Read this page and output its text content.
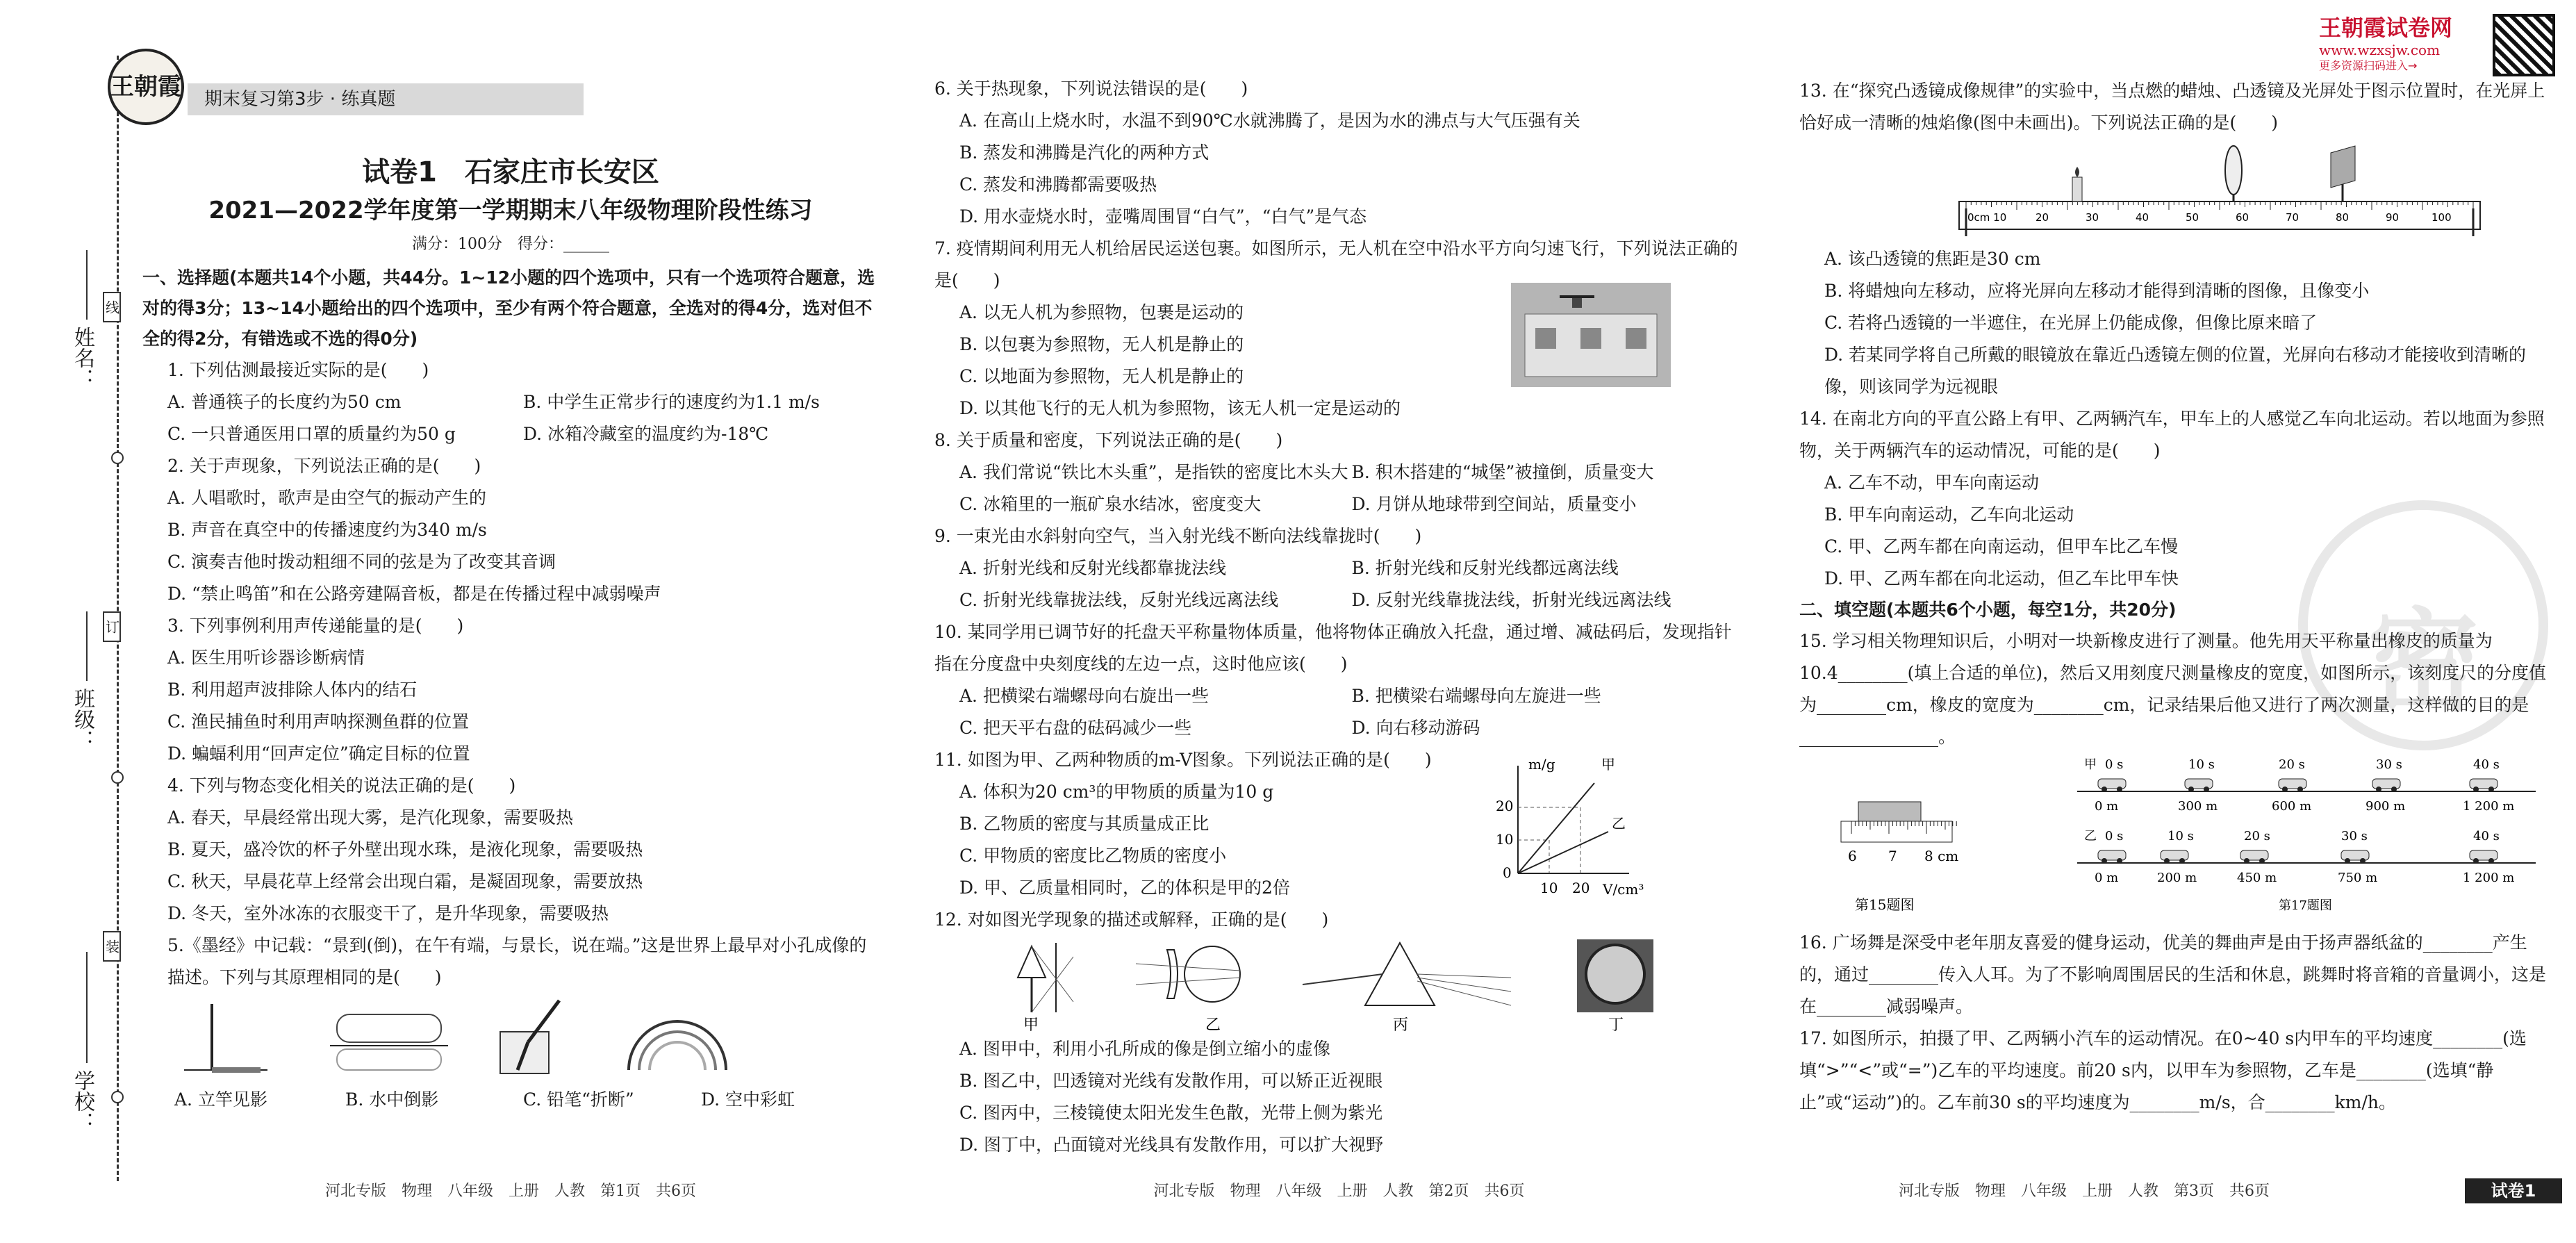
姓名：
班级：
学校：
线
订
装
王朝霞	期末复习第3步 · 练真题
试卷1　石家庄市长安区
2021—2022学年度第一学期期末八年级物理阶段性练习
满分：100分　得分：______
一、选择题(本题共14个小题，共44分。1~12小题的四个选项中，只有一个选项符合题意，选对的得3分；13~14小题给出的四个选项中，至少有两个符合题意，全选对的得4分，选对但不全的得2分，有错选或不选的得0分)
1. 下列估测最接近实际的是(　　)
A. 普通筷子的长度约为50 cm	B. 中学生正常步行的速度约为1.1 m/s
C. 一只普通医用口罩的质量约为50 g	D. 冰箱冷藏室的温度约为-18℃
2. 关于声现象，下列说法正确的是(　　)
A. 人唱歌时，歌声是由空气的振动产生的
B. 声音在真空中的传播速度约为340 m/s
C. 演奏吉他时拨动粗细不同的弦是为了改变其音调
D. “禁止鸣笛”和在公路旁建隔音板，都是在传播过程中减弱噪声
3. 下列事例利用声传递能量的是(　　)
A. 医生用听诊器诊断病情
B. 利用超声波排除人体内的结石
C. 渔民捕鱼时利用声呐探测鱼群的位置
D. 蝙蝠利用“回声定位”确定目标的位置
4. 下列与物态变化相关的说法正确的是(　　)
A. 春天，早晨经常出现大雾，是汽化现象，需要吸热
B. 夏天，盛冷饮的杯子外壁出现水珠，是液化现象，需要吸热
C. 秋天，早晨花草上经常会出现白霜，是凝固现象，需要放热
D. 冬天，室外冰冻的衣服变干了，是升华现象，需要吸热
5.《墨经》中记载：“景到(倒)，在午有端，与景长，说在端。”这是世界上最早对小孔成像的描述。下列与其原理相同的是(　　)
A. 立竿见影	B. 水中倒影	C. 铅笔“折断”	D. 空中彩虹
6. 关于热现象，下列说法错误的是(　　)
A. 在高山上烧水时，水温不到90℃水就沸腾了，是因为水的沸点与大气压强有关
B. 蒸发和沸腾是汽化的两种方式
C. 蒸发和沸腾都需要吸热
D. 用水壶烧水时，壶嘴周围冒“白气”，“白气”是气态
7. 疫情期间利用无人机给居民运送包裹。如图所示，无人机在空中沿水平方向匀速飞行，下列说法正确的是(　　)
A. 以无人机为参照物，包裹是运动的
B. 以包裹为参照物，无人机是静止的
C. 以地面为参照物，无人机是静止的
D. 以其他飞行的无人机为参照物，该无人机一定是运动的
8. 关于质量和密度，下列说法正确的是(　　)
A. 我们常说“铁比木头重”，是指铁的密度比木头大 B. 积木搭建的“城堡”被撞倒，质量变大
C. 冰箱里的一瓶矿泉水结冰，密度变大	D. 月饼从地球带到空间站，质量变小
9. 一束光由水斜射向空气，当入射光线不断向法线靠拢时(　　)
A. 折射光线和反射光线都靠拢法线	B. 折射光线和反射光线都远离法线
C. 折射光线靠拢法线，反射光线远离法线	D. 反射光线靠拢法线，折射光线远离法线
10. 某同学用已调节好的托盘天平称量物体质量，他将物体正确放入托盘，通过增、减砝码后，发现指针指在分度盘中央刻度线的左边一点，这时他应该(　　)
A. 把横梁右端螺母向右旋出一些	B. 把横梁右端螺母向左旋进一些
C. 把天平右盘的砝码减少一些	D. 向右移动游码
11. 如图为甲、乙两种物质的m-V图象。下列说法正确的是(　　)
A. 体积为20 cm³的甲物质的质量为10 g
B. 乙物质的密度与其质量成正比
C. 甲物质的密度比乙物质的密度小
D. 甲、乙质量相同时，乙的体积是甲的2倍
m/g
V/cm³
20
10
0
10 20
甲
乙
12. 对如图光学现象的描述或解释，正确的是(　　)
甲	乙	丙	丁
A. 图甲中，利用小孔所成的像是倒立缩小的虚像
B. 图乙中，凹透镜对光线有发散作用，可以矫正近视眼
C. 图丙中，三棱镜使太阳光发生色散，光带上侧为紫光
D. 图丁中，凸面镜对光线具有发散作用，可以扩大视野
王朝霞试卷网
www.wzxsjw.com
更多资源扫码进入→
密
13. 在“探究凸透镜成像规律”的实验中，当点燃的蜡烛、凸透镜及光屏处于图示位置时，在光屏上恰好成一清晰的烛焰像(图中未画出)。下列说法正确的是(　　)
0cm 10	20	30	40	50	60	70	80	90	100
A. 该凸透镜的焦距是30 cm
B. 将蜡烛向左移动，应将光屏向左移动才能得到清晰的图像，且像变小
C. 若将凸透镜的一半遮住，在光屏上仍能成像，但像比原来暗了
D. 若某同学将自己所戴的眼镜放在靠近凸透镜左侧的位置，光屏向右移动才能接收到清晰的像，则该同学为远视眼
14. 在南北方向的平直公路上有甲、乙两辆汽车，甲车上的人感觉乙车向北运动。若以地面为参照物，关于两辆汽车的运动情况，可能的是(　　)
A. 乙车不动，甲车向南运动
B. 甲车向南运动，乙车向北运动
C. 甲、乙两车都在向南运动，但甲车比乙车慢
D. 甲、乙两车都在向北运动，但乙车比甲车快
二、填空题(本题共6个小题，每空1分，共20分)
15. 学习相关物理知识后，小明对一块新橡皮进行了测量。他先用天平称量出橡皮的质量为10.4________(填上合适的单位)，然后又用刻度尺测量橡皮的宽度，如图所示，该刻度尺的分度值为________cm，橡皮的宽度为________cm，记录结果后他又进行了两次测量，这样做的目的是________________。
6 7 8 cm
第15题图
甲 0 s	10 s	20 s	30 s	40 s
0 m	300 m	600 m	900 m	1 200 m
乙 0 s	10 s	20 s	30 s	40 s
0 m	200 m	450 m	750 m	1 200 m
第17题图
16. 广场舞是深受中老年朋友喜爱的健身运动，优美的舞曲声是由于扬声器纸盆的________产生的，通过________传入人耳。为了不影响周围居民的生活和休息，跳舞时将音箱的音量调小，这是在________减弱噪声。
17. 如图所示，拍摄了甲、乙两辆小汽车的运动情况。在0~40 s内甲车的平均速度________(选填“>”“<”或“=”)乙车的平均速度。前20 s内，以甲车为参照物，乙车是________(选填“静止”或“运动”)的。乙车前30 s的平均速度为________m/s，合________km/h。
河北专版　物理　八年级　上册　人教　第1页　共6页	河北专版　物理　八年级　上册　人教　第2页　共6页	河北专版　物理　八年级　上册　人教　第3页　共6页	试卷1
